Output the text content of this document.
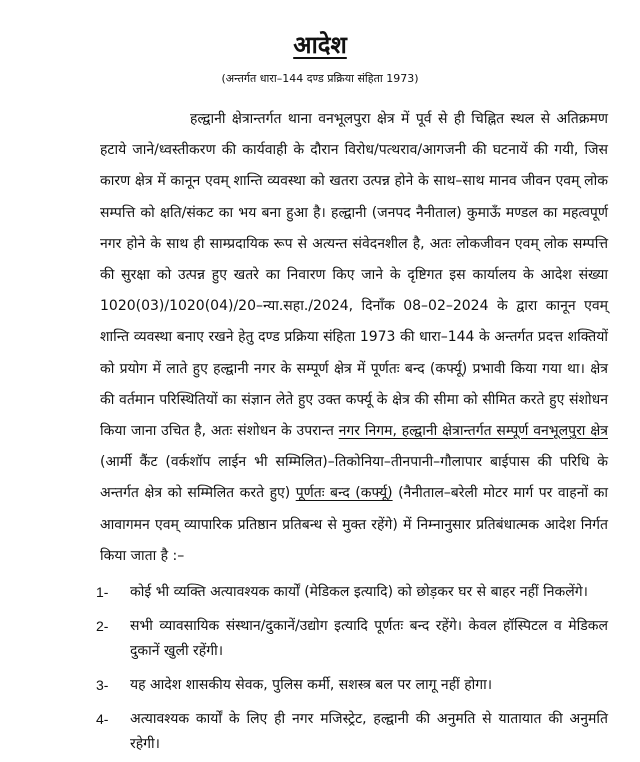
आदेश
(अन्तर्गत धारा–144 दण्ड प्रक्रिया संहिता 1973)

हल्द्वानी क्षेत्रान्तर्गत थाना वनभूलपुरा क्षेत्र में पूर्व से ही चिह्नित स्थल से अतिक्रमण हटाये जाने/ध्वस्तीकरण की कार्यवाही के दौरान विरोध/पत्थराव/आगजनी की घटनायें की गयी, जिस कारण क्षेत्र में कानून एवम् शान्ति व्यवस्था को खतरा उत्पन्न होने के साथ–साथ मानव जीवन एवम् लोक सम्पत्ति को क्षति/संकट का भय बना हुआ है। हल्द्वानी (जनपद नैनीताल) कुमाऊँ मण्डल का महत्वपूर्ण नगर होने के साथ ही साम्प्रदायिक रूप से अत्यन्त संवेदनशील है, अतः लोकजीवन एवम् लोक सम्पत्ति की सुरक्षा को उत्पन्न हुए खतरे का निवारण किए जाने के दृष्टिगत इस कार्यालय के आदेश संख्या 1020(03)/1020(04)/20–न्या.सहा./2024, दिनाँक 08–02–2024 के द्वारा कानून एवम् शान्ति व्यवस्था बनाए रखने हेतु दण्ड प्रक्रिया संहिता 1973 की धारा–144 के अन्तर्गत प्रदत्त शक्तियों को प्रयोग में लाते हुए हल्द्वानी नगर के सम्पूर्ण क्षेत्र में पूर्णतः बन्द (कर्फ्यू) प्रभावी किया गया था। क्षेत्र की वर्तमान परिस्थितियों का संज्ञान लेते हुए उक्त कर्फ्यू के क्षेत्र की सीमा को सीमित करते हुए संशोधन किया जाना उचित है, अतः संशोधन के उपरान्त नगर निगम, हल्द्वानी क्षेत्रान्तर्गत सम्पूर्ण वनभूलपुरा क्षेत्र (आर्मी कैंट (वर्कशॉप लाईन भी सम्मिलित)–तिकोनिया–तीनपानी–गौलापार बाईपास की परिधि के अन्तर्गत क्षेत्र को सम्मिलित करते हुए) पूर्णतः बन्द (कर्फ्यू) (नैनीताल–बरेली मोटर मार्ग पर वाहनों का आवागमन एवम् व्यापारिक प्रतिष्ठान प्रतिबन्ध से मुक्त रहेंगे) में निम्नानुसार प्रतिबंधात्मक आदेश निर्गत किया जाता है :–

1-	कोई भी व्यक्ति अत्यावश्यक कार्यों (मेडिकल इत्यादि) को छोड़कर घर से बाहर नहीं निकलेंगे।
2-	सभी व्यावसायिक संस्थान/दुकानें/उद्योग इत्यादि पूर्णतः बन्द रहेंगे। केवल हॉस्पिटल व मेडिकल दुकानें खुली रहेंगी।
3-	यह आदेश शासकीय सेवक, पुलिस कर्मी, सशस्त्र बल पर लागू नहीं होगा।
4-	अत्यावश्यक कार्यों के लिए ही नगर मजिस्ट्रेट, हल्द्वानी की अनुमति से यातायात की अनुमति रहेगी।
